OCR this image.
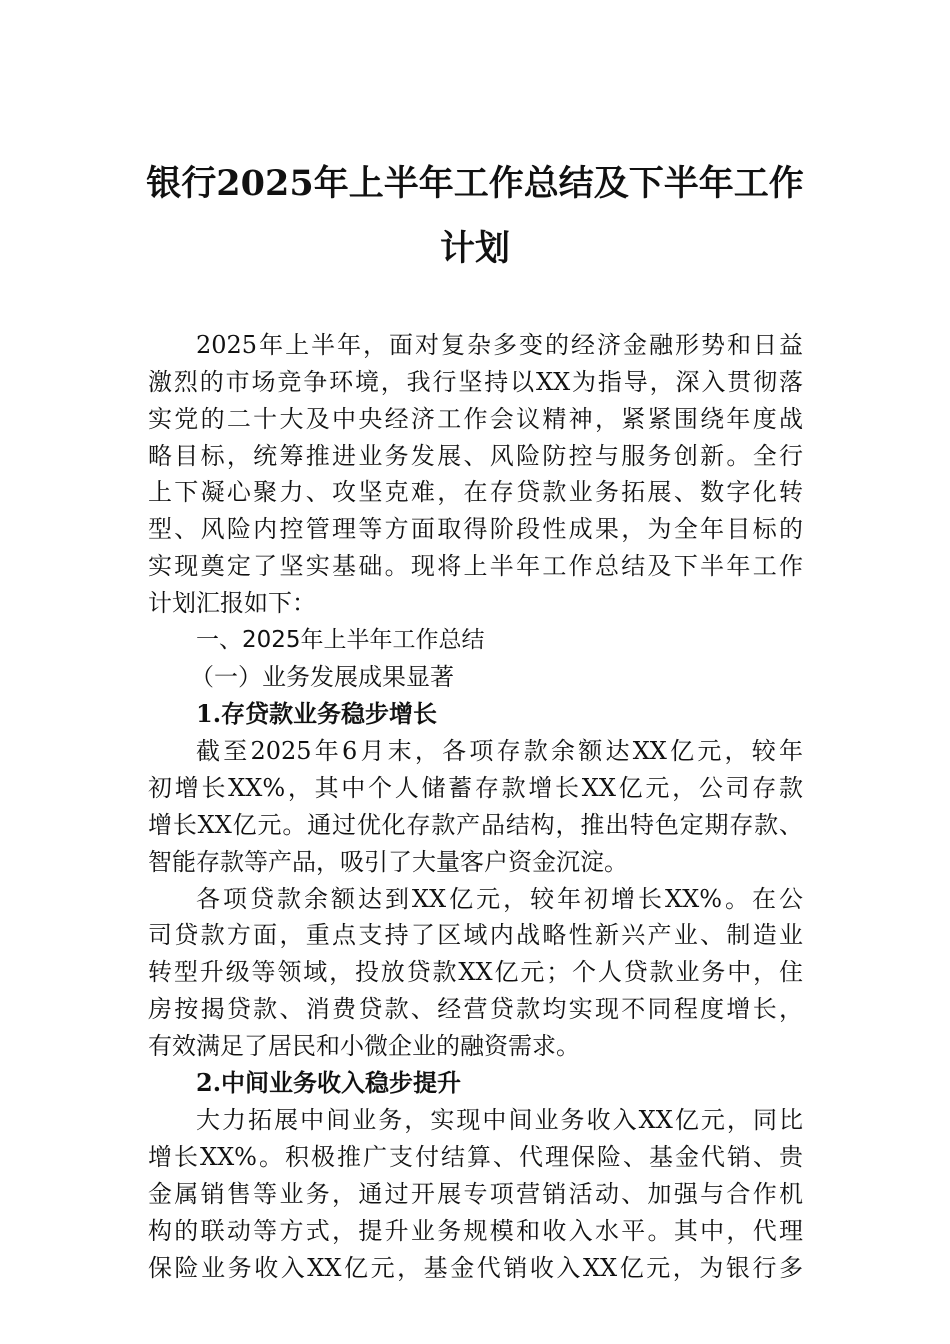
银行2025年上半年工作总结及下半年工作
计划
2025年上半年，面对复杂多变的经济金融形势和日益
激烈的市场竞争环境，我行坚持以XX为指导，深入贯彻落
实党的二十大及中央经济工作会议精神，紧紧围绕年度战
略目标，统筹推进业务发展、风险防控与服务创新。全行
上下凝心聚力、攻坚克难，在存贷款业务拓展、数字化转
型、风险内控管理等方面取得阶段性成果，为全年目标的
实现奠定了坚实基础。现将上半年工作总结及下半年工作
计划汇报如下：
一、2025年上半年工作总结
（一）业务发展成果显著
1.存贷款业务稳步增长
截至2025年6月末，各项存款余额达XX亿元，较年
初增长XX%，其中个人储蓄存款增长XX亿元，公司存款
增长XX亿元。通过优化存款产品结构，推出特色定期存款、
智能存款等产品，吸引了大量客户资金沉淀。
各项贷款余额达到XX亿元，较年初增长XX%。在公
司贷款方面，重点支持了区域内战略性新兴产业、制造业
转型升级等领域，投放贷款XX亿元；个人贷款业务中，住
房按揭贷款、消费贷款、经营贷款均实现不同程度增长，
有效满足了居民和小微企业的融资需求。
2.中间业务收入稳步提升
大力拓展中间业务，实现中间业务收入XX亿元，同比
增长XX%。积极推广支付结算、代理保险、基金代销、贵
金属销售等业务，通过开展专项营销活动、加强与合作机
构的联动等方式，提升业务规模和收入水平。其中，代理
保险业务收入XX亿元，基金代销收入XX亿元，为银行多
